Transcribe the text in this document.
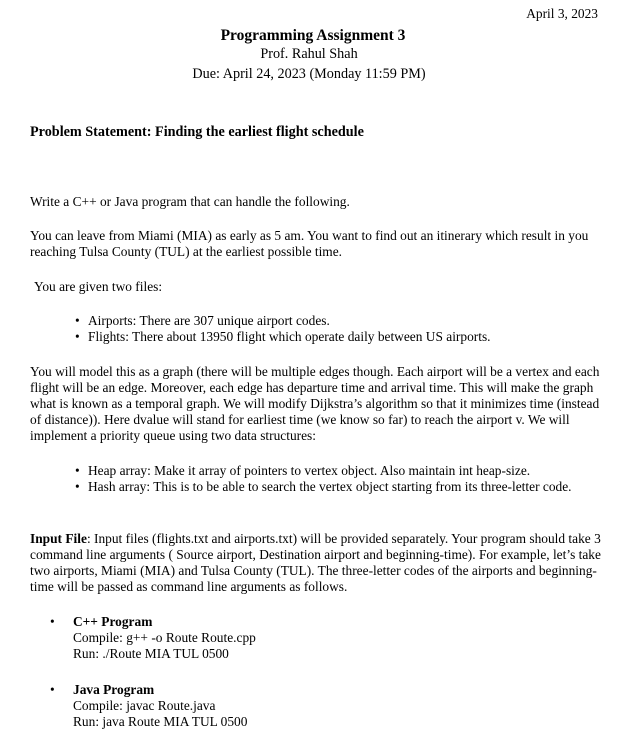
April 3, 2023
Programming Assignment 3
Prof. Rahul Shah
Due: April 24, 2023 (Monday 11:59 PM)
Problem Statement: Finding the earliest flight schedule

Write a C++ or Java program that can handle the following.

You can leave from Miami (MIA) as early as 5 am. You want to find out an itinerary which result in you reaching Tulsa County (TUL) at the earliest possible time.

You are given two files:

• Airports: There are 307 unique airport codes.
• Flights: There about 13950 flight which operate daily between US airports.

You will model this as a graph (there will be multiple edges though. Each airport will be a vertex and each flight will be an edge. Moreover, each edge has departure time and arrival time. This will make the graph what is known as a temporal graph. We will modify Dijkstra’s algorithm so that it minimizes time (instead of distance)). Here dvalue will stand for earliest time (we know so far) to reach the airport v. We will implement a priority queue using two data structures:

• Heap array: Make it array of pointers to vertex object. Also maintain int heap-size.
• Hash array: This is to be able to search the vertex object starting from its three-letter code.

Input File: Input files (flights.txt and airports.txt) will be provided separately. Your program should take 3 command line arguments ( Source airport, Destination airport and beginning-time). For example, let’s take two airports, Miami (MIA) and Tulsa County (TUL). The three-letter codes of the airports and beginning-time will be passed as command line arguments as follows.

• C++ Program
Compile: g++ -o Route Route.cpp
Run: ./Route MIA TUL 0500
• Java Program
Compile: javac Route.java
Run: java Route MIA TUL 0500
